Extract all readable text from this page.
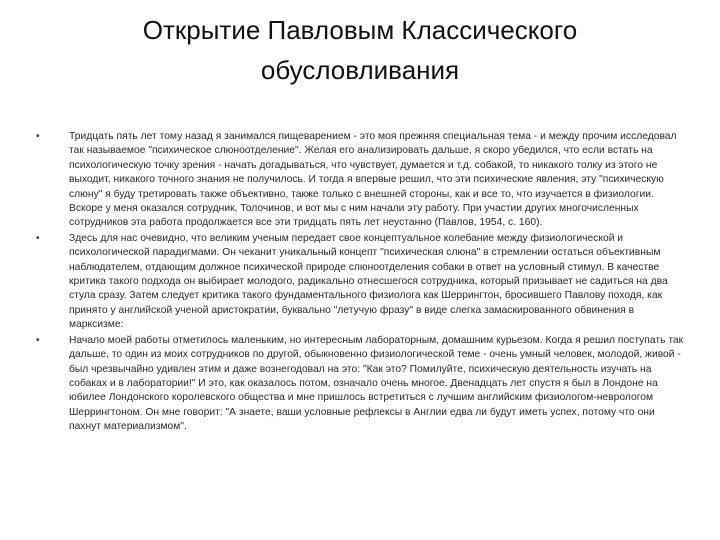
Открытие Павловым Классического
обусловливания
•	Тридцать пять лет тому назад я занимался пищеварением - это моя прежняя специальная тема - и между прочим исследовал так называемое "психическое слюноотделение". Желая его анализировать дальше, я скоро убедился, что если встать на психологическую точку зрения - начать догадываться, что чувствует, думается и т.д. собакой, то никакого толку из этого не выходит, никакого точного знания не получилось. И тогда я впервые решил, что эти психические явления, эту "психическую слюну" я буду третировать также объективно, также только с внешней стороны, как и все то, что изучается в физиологии. Вскоре у меня оказался сотрудник, Толочинов, и вот мы с ним начали эту работу. При участии других многочисленных сотрудников эта работа продолжается все эти тридцать пять лет неустанно (Павлов, 1954, с. 160).
•	Здесь для нас очевидно, что великим ученым передает свое концептуальное колебание между физиологической и психологической парадигмами. Он чеканит уникальный концепт "психическая слюна" в стремлении остаться объективным наблюдателем, отдающим должное психической природе слюноотделения собаки в ответ на условный стимул. В качестве критика такого подхода он выбирает молодого, радикально отнесшегося сотрудника, который призывает не садиться на два стула сразу. Затем следует критика такого фундаментального физиолога как Шеррингтон, бросившего Павлову походя, как принято у английской ученой аристократии, буквально "летучую фразу" в виде слегка замаскированного обвинения в марксизме:
•	Начало моей работы отметилось маленьким, но интересным лабораторным, домашним курьезом. Когда я решил поступать так дальше, то один из моих сотрудников по другой, обыкновенно физиологической теме - очень умный человек, молодой, живой - был чрезвычайно удивлен этим и даже вознегодовал на это: "Как это? Помилуйте, психическую деятельность изучать на собаках и в лаборатории!" И это, как оказалось потом, означало очень многое. Двенадцать лет спустя я был в Лондоне на юбилее Лондонского королевского общества и мне пришлось встретиться с лучшим английским физиологом-неврологом Шеррингтоном. Он мне говорит: "А знаете, ваши условные рефлексы в Англии едва ли будут иметь успех, потому что они пахнут материализмом".
